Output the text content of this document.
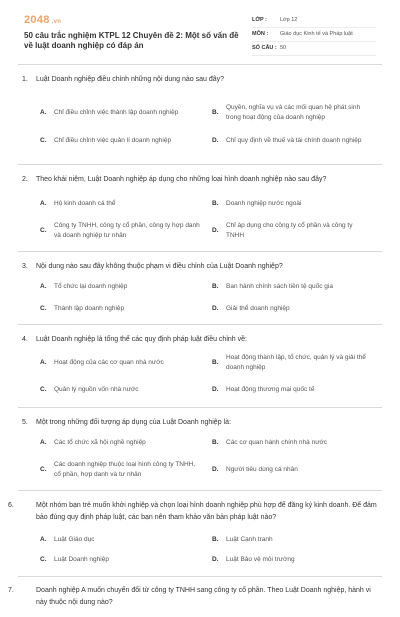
2048 .vn
50 câu trắc nghiệm KTPL 12 Chuyên đề 2: Một số vấn đề về luật doanh nghiệp có đáp án
LỚP :	Lớp 12
MÔN :	Giáo dục Kinh tế và Pháp luật
SỐ CÂU : 50
1. Luật Doanh nghiệp điều chỉnh những nội dung nào sau đây?
A.	Chỉ điều chỉnh việc thành lập doanh nghiệp	B.
Quyền, nghĩa vụ và các mối quan hệ phát sinh trong hoạt động của doanh nghiệp
C.	Chỉ điều chỉnh việc quản lí doanh nghiệp	D.	Chỉ quy định về thuế và tài chính doanh nghiệp
2. Theo khái niệm, Luật Doanh nghiệp áp dụng cho những loại hình doanh nghiệp nào sau đây?
A.	Hộ kinh doanh cá thể	B.	Doanh nghiệp nước ngoài
C.
Công ty TNHH, công ty cổ phần, công ty hợp danh và doanh nghiệp tư nhân
D.
Chỉ áp dụng cho công ty cổ phần và công ty TNHH
3. Nội dung nào sau đây không thuộc phạm vi điều chỉnh của Luật Doanh nghiệp?
A.	Tổ chức lại doanh nghiệp	B.	Ban hành chính sách tiền tệ quốc gia
C.	Thành lập doanh nghiệp	D.	Giải thể doanh nghiệp
4. Luật Doanh nghiệp là tổng thể các quy định pháp luật điều chỉnh về:
A.	Hoạt động của các cơ quan nhà nước	B.
Hoạt động thành lập, tổ chức, quản lý và giải thể doanh nghiệp
C.	Quản lý nguồn vốn nhà nước	D.	Hoạt động thương mại quốc tế
5. Một trong những đối tượng áp dụng của Luật Doanh nghiệp là:
A.	Các tổ chức xã hội nghề nghiệp	B.	Các cơ quan hành chính nhà nước
C.
Các doanh nghiệp thuộc loại hình công ty TNHH, cổ phần, hợp danh và tư nhân
D.	Người tiêu dùng cá nhân
6.	Một nhóm bạn trẻ muốn khởi nghiệp và chọn loại hình doanh nghiệp phù hợp để đăng ký kinh doanh. Để đảm bảo đúng quy định pháp luật, các bạn nên tham khảo văn bản pháp luật nào?
A.	Luật Giáo dục	B.	Luật Cạnh tranh
C.	Luật Doanh nghiệp	D.	Luật Bảo vệ môi trường
7.	Doanh nghiệp A muốn chuyển đổi từ công ty TNHH sang công ty cổ phần. Theo Luật Doanh nghiệp, hành vi này thuộc nội dung nào?
